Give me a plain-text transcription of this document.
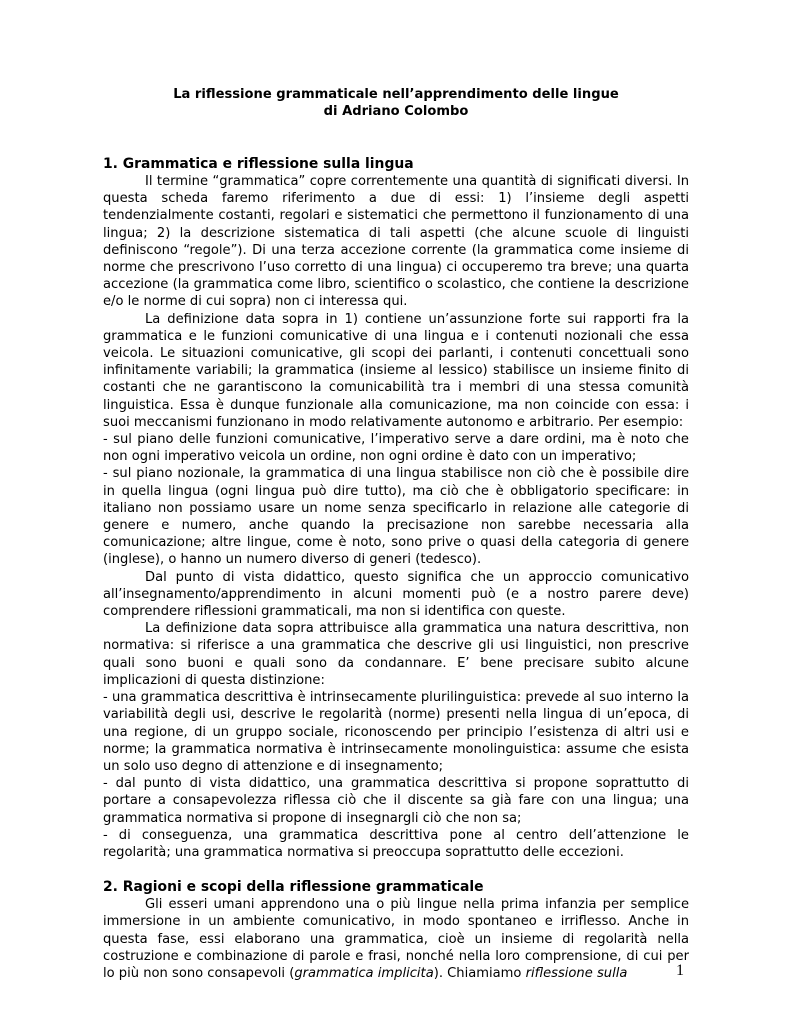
La riflessione grammaticale nell’apprendimento delle lingue

di Adriano Colombo

1. Grammatica e riflessione sulla lingua

Il termine “grammatica” copre correntemente una quantità di significati diversi. In questa scheda faremo riferimento a due di essi: 1) l’insieme degli aspetti tendenzialmente costanti, regolari e sistematici che permettono il funzionamento di una lingua; 2) la descrizione sistematica di tali aspetti (che alcune scuole di linguisti definiscono “regole”). Di una terza accezione corrente (la grammatica come insieme di norme che prescrivono l’uso corretto di una lingua) ci occuperemo tra breve; una quarta accezione (la grammatica come libro, scientifico o scolastico, che contiene la descrizione e/o le norme di cui sopra) non ci interessa qui.

La definizione data sopra in 1) contiene un’assunzione forte sui rapporti fra la grammatica e le funzioni comunicative di una lingua e i contenuti nozionali che essa veicola. Le situazioni comunicative, gli scopi dei parlanti, i contenuti concettuali sono infinitamente variabili; la grammatica (insieme al lessico) stabilisce un insieme finito di costanti che ne garantiscono la comunicabilità tra i membri di una stessa comunità linguistica. Essa è dunque funzionale alla comunicazione, ma non coincide con essa: i suoi meccanismi funzionano in modo relativamente autonomo e arbitrario. Per esempio:

- sul piano delle funzioni comunicative, l’imperativo serve a dare ordini, ma è noto che non ogni imperativo veicola un ordine, non ogni ordine è dato con un imperativo;

- sul piano nozionale, la grammatica di una lingua stabilisce non ciò che è possibile dire in quella lingua (ogni lingua può dire tutto), ma ciò che è obbligatorio specificare: in italiano non possiamo usare un nome senza specificarlo in relazione alle categorie di genere e numero, anche quando la precisazione non sarebbe necessaria alla comunicazione; altre lingue, come è noto, sono prive o quasi della categoria di genere (inglese), o hanno un numero diverso di generi (tedesco).

Dal punto di vista didattico, questo significa che un approccio comunicativo all’insegnamento/apprendimento in alcuni momenti può (e a nostro parere deve) comprendere riflessioni grammaticali, ma non si identifica con queste.

La definizione data sopra attribuisce alla grammatica una natura descrittiva, non normativa: si riferisce a una grammatica che descrive gli usi linguistici, non prescrive quali sono buoni e quali sono da condannare. E’ bene precisare subito alcune implicazioni di questa distinzione:

- una grammatica descrittiva è intrinsecamente plurilinguistica: prevede al suo interno la variabilità degli usi, descrive le regolarità (norme) presenti nella lingua di un’epoca, di una regione, di un gruppo sociale, riconoscendo per principio l’esistenza di altri usi e norme; la grammatica normativa è intrinsecamente monolinguistica: assume che esista un solo uso degno di attenzione e di insegnamento;

- dal punto di vista didattico, una grammatica descrittiva si propone soprattutto di portare a consapevolezza riflessa ciò che il discente sa già fare con una lingua; una grammatica normativa si propone di insegnargli ciò che non sa;

- di conseguenza, una grammatica descrittiva pone al centro dell’attenzione le regolarità; una grammatica normativa si preoccupa soprattutto delle eccezioni.

2. Ragioni e scopi della riflessione grammaticale

Gli esseri umani apprendono una o più lingue nella prima infanzia per semplice immersione in un ambiente comunicativo, in modo spontaneo e irriflesso. Anche in questa fase, essi elaborano una grammatica, cioè un insieme di regolarità nella costruzione e combinazione di parole e frasi, nonché nella loro comprensione, di cui per lo più non sono consapevoli (grammatica implicita). Chiamiamo riflessione sulla	1
